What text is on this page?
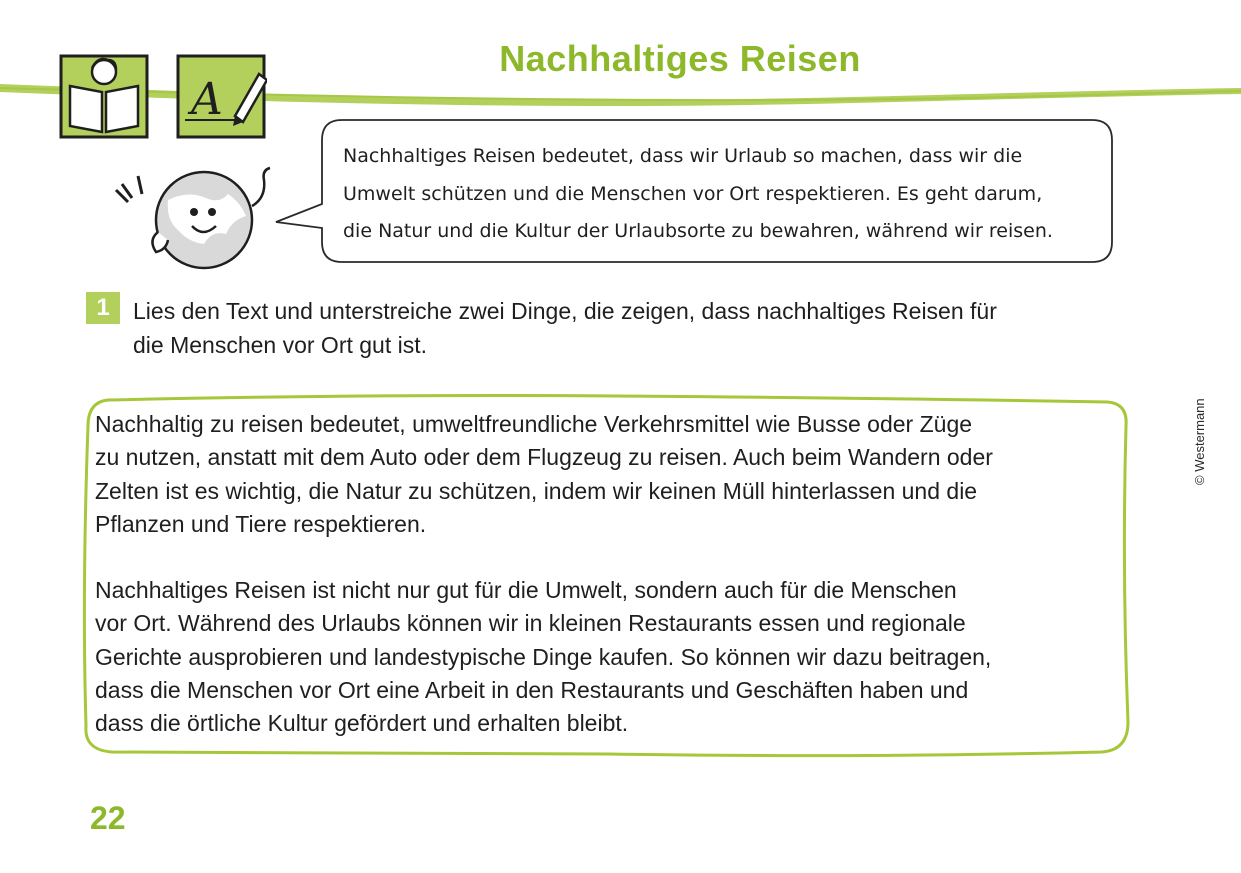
Nachhaltiges Reisen
A
Nachhaltiges Reisen bedeutet, dass wir Urlaub so machen, dass wir die
Umwelt schützen und die Menschen vor Ort respektieren. Es geht darum,
die Natur und die Kultur der Urlaubsorte zu bewahren, während wir reisen.
1	Lies den Text und unterstreiche zwei Dinge, die zeigen, dass nachhaltiges Reisen für
die Menschen vor Ort gut ist.
Nachhaltig zu reisen bedeutet, umweltfreundliche Verkehrsmittel wie Busse oder Züge
zu nutzen, anstatt mit dem Auto oder dem Flugzeug zu reisen. Auch beim Wandern oder
Zelten ist es wichtig, die Natur zu schützen, indem wir keinen Müll hinterlassen und die
Pflanzen und Tiere respektieren.
Nachhaltiges Reisen ist nicht nur gut für die Umwelt, sondern auch für die Menschen
vor Ort. Während des Urlaubs können wir in kleinen Restaurants essen und regionale
Gerichte ausprobieren und landestypische Dinge kaufen. So können wir dazu beitragen,
dass die Menschen vor Ort eine Arbeit in den Restaurants und Geschäften haben und
dass die örtliche Kultur gefördert und erhalten bleibt.
© Westermann
22
